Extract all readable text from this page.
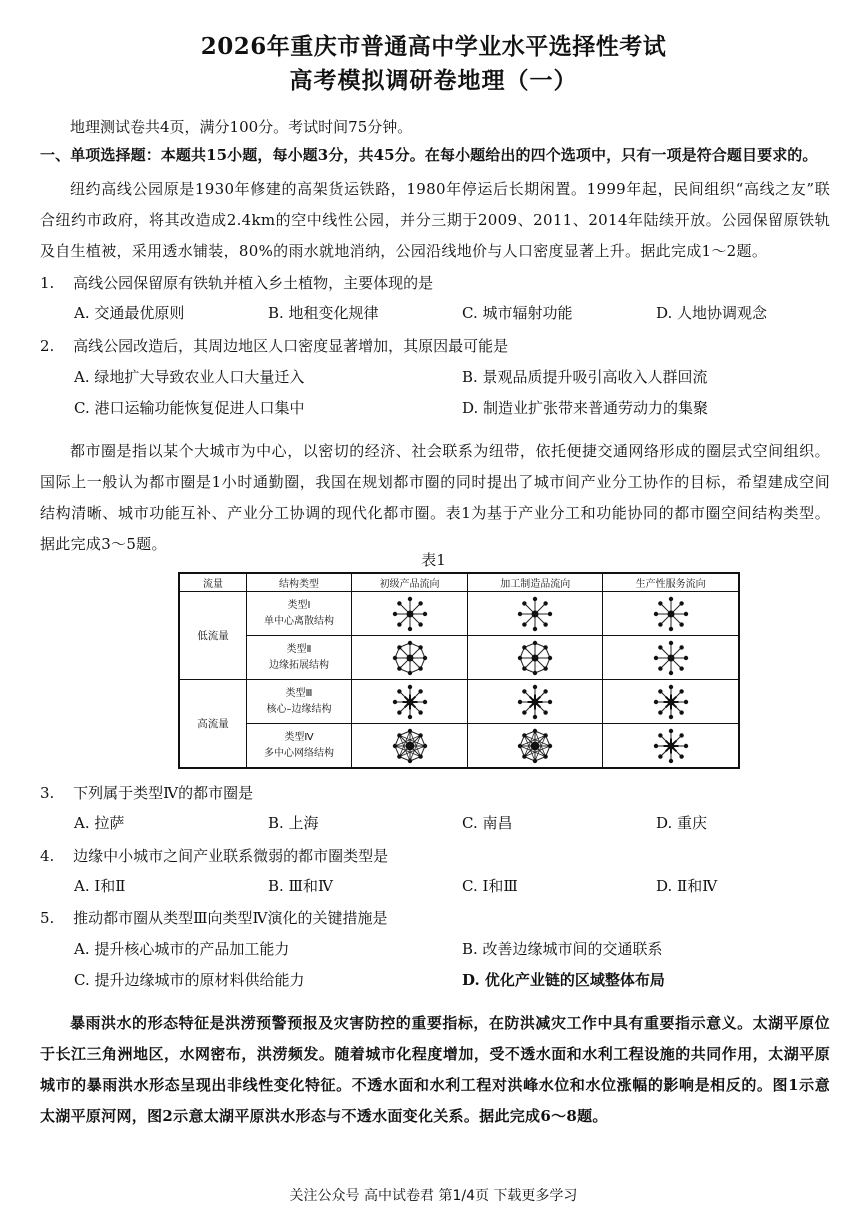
2026年重庆市普通高中学业水平选择性考试
高考模拟调研卷地理（一）
地理测试卷共4页，满分100分。考试时间75分钟。
一、单项选择题：本题共15小题，每小题3分，共45分。在每小题给出的四个选项中，只有一项是符合题目要求的。
纽约高线公园原是1930年修建的高架货运铁路，1980年停运后长期闲置。1999年起，民间组织“高线之友”联合纽约市政府，将其改造成2.4km的空中线性公园，并分三期于2009、2011、2014年陆续开放。公园保留原铁轨及自生植被，采用透水铺装，80%的雨水就地消纳，公园沿线地价与人口密度显著上升。据此完成1～2题。
1. 高线公园保留原有铁轨并植入乡土植物，主要体现的是
A. 交通最优原则	B. 地租变化规律	C. 城市辐射功能	D. 人地协调观念
2. 高线公园改造后，其周边地区人口密度显著增加，其原因最可能是
A. 绿地扩大导致农业人口大量迁入	B. 景观品质提升吸引高收入人群回流
C. 港口运输功能恢复促进人口集中	D. 制造业扩张带来普通劳动力的集聚
都市圈是指以某个大城市为中心，以密切的经济、社会联系为纽带，依托便捷交通网络形成的圈层式空间组织。国际上一般认为都市圈是1小时通勤圈，我国在规划都市圈的同时提出了城市间产业分工协作的目标，希望建成空间结构清晰、城市功能互补、产业分工协调的现代化都市圈。表1为基于产业分工和功能协同的都市圈空间结构类型。据此完成3～5题。
表1
流量	结构类型	初级产品流向	加工制造品流向	生产性服务流向
低流量	类型Ⅰ
单中心离散结构

	类型Ⅱ
边缘拓展结构

高流量	类型Ⅲ
核心–边缘结构

	类型Ⅳ
多中心网络结构

3. 下列属于类型Ⅳ的都市圈是
A. 拉萨	B. 上海	C. 南昌	D. 重庆
4. 边缘中小城市之间产业联系微弱的都市圈类型是
A. Ⅰ和Ⅱ	B. Ⅲ和Ⅳ	C. Ⅰ和Ⅲ	D. Ⅱ和Ⅳ
5. 推动都市圈从类型Ⅲ向类型Ⅳ演化的关键措施是
A. 提升核心城市的产品加工能力	B. 改善边缘城市间的交通联系
C. 提升边缘城市的原材料供给能力	D. 优化产业链的区域整体布局
暴雨洪水的形态特征是洪涝预警预报及灾害防控的重要指标，在防洪减灾工作中具有重要指示意义。太湖平原位于长江三角洲地区，水网密布，洪涝频发。随着城市化程度增加，受不透水面和水利工程设施的共同作用，太湖平原城市的暴雨洪水形态呈现出非线性变化特征。不透水面和水利工程对洪峰水位和水位涨幅的影响是相反的。图1示意太湖平原河网，图2示意太湖平原洪水形态与不透水面变化关系。据此完成6～8题。
关注公众号 高中试卷君 第1/4页 下载更多学习
